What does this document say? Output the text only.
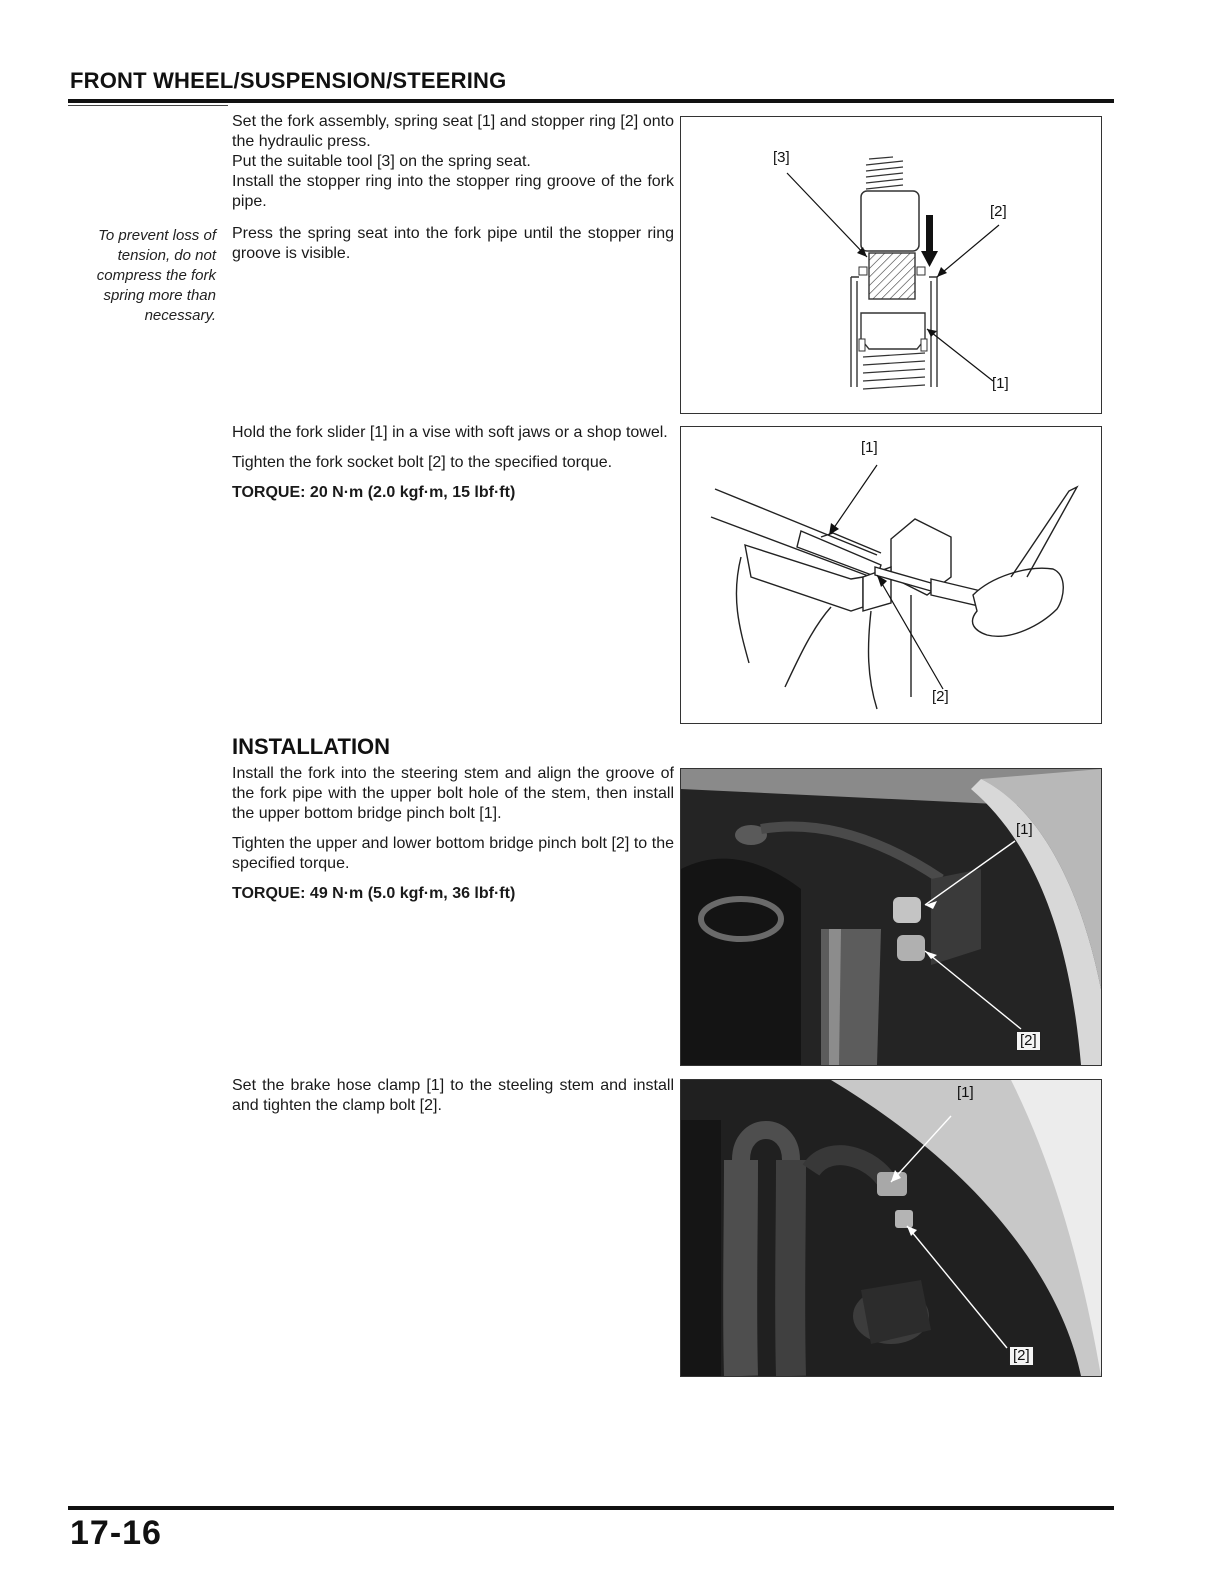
FRONT WHEEL/SUSPENSION/STEERING
To prevent loss of tension, do not compress the fork spring more than necessary.

Set the fork assembly, spring seat [1] and stopper ring [2] onto the hydraulic press.

Put the suitable tool [3] on the spring seat.

Install the stopper ring into the stopper ring groove of the fork pipe.

Press the spring seat into the fork pipe until the stopper ring groove is visible.

[3]
[2]
[1]

Hold the fork slider [1] in a vise with soft jaws or a shop towel.

Tighten the fork socket bolt [2] to the specified torque.

TORQUE: 20 N·m (2.0 kgf·m, 15 lbf·ft)

[1]
[2]
INSTALLATION

Install the fork into the steering stem and align the groove of the fork pipe with the upper bolt hole of the stem, then install the upper bottom bridge pinch bolt [1].

Tighten the upper and lower bottom bridge pinch bolt [2] to the specified torque.

TORQUE: 49 N·m (5.0 kgf·m, 36 lbf·ft)

[1]
[2]

Set the brake hose clamp [1] to the steeling stem and install and tighten the clamp bolt [2].

[1]
[2]
17-16
